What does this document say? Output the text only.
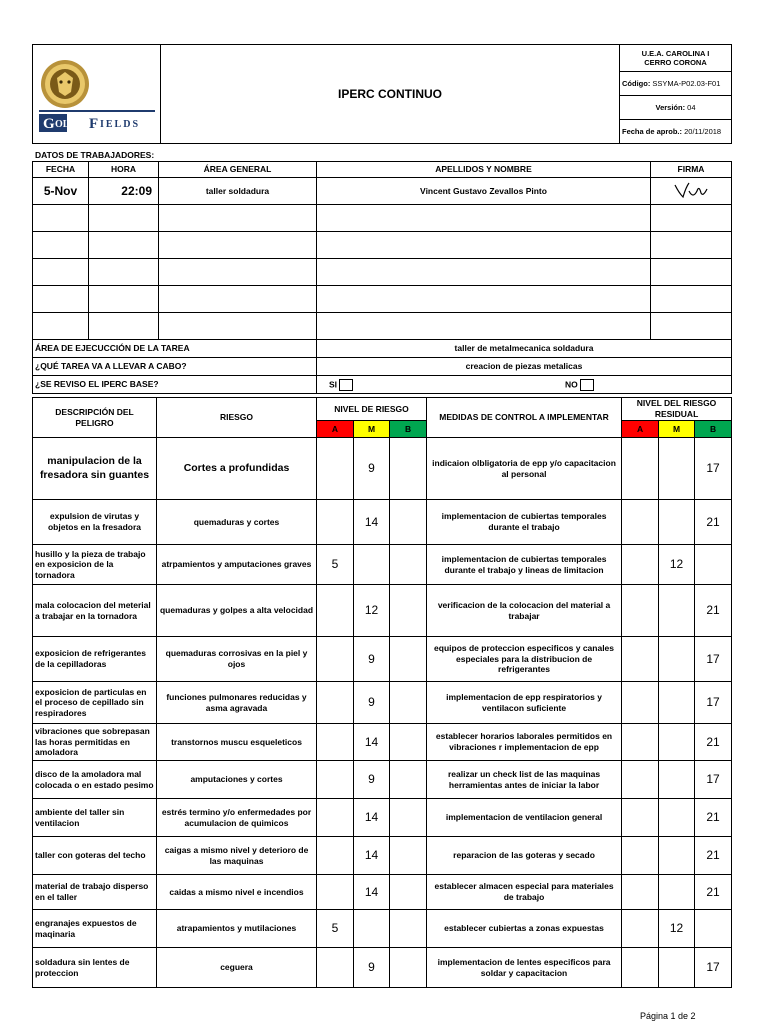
G OLD F IELDS
	IPERC CONTINUO	
U.E.A. CAROLINA I
CERRO CORONA

Código: SSYMA-P02.03-F01
Versión: 04
Fecha de aprob.: 20/11/2018
DATOS DE TRABAJADORES:
FECHA	HORA	ÁREA GENERAL	APELLIDOS Y NOMBRE	FIRMA
5-Nov	22:09	taller soldadura	Vincent Gustavo Zevallos Pinto	

ÁREA DE EJECUCCIÓN DE LA TAREA	taller de metalmecanica soldadura
¿QUÉ TAREA VA A LLEVAR A CABO?	creacion de piezas metalicas
¿SE REVISO EL IPERC BASE?	SI NO
DESCRIPCIÓN DEL PELIGRO	RIESGO	NIVEL DE RIESGO			MEDIDAS DE CONTROL A IMPLEMENTAR	NIVEL DEL RIESGO RESIDUAL		
		A	M	B		A	M	B
manipulacion de la fresadora sin guantes	Cortes a profundidas		9		indicaion olbligatoria de epp y/o capacitacion al personal			17
expulsion de virutas y objetos en la fresadora	quemaduras y cortes		14		implementacion de cubiertas temporales durante el trabajo			21
husillo y la pieza de trabajo en exposicion de la tornadora	atrpamientos y amputaciones graves	5			implementacion de cubiertas temporales durante el trabajo y lineas de limitacion		12	
mala colocacion del meterial a trabajar en la tornadora	quemaduras y golpes a alta velocidad		12		verificacion de la colocacion del material a trabajar			21
exposicion de refrigerantes de la cepilladoras	quemaduras corrosivas en la piel y ojos		9		equipos de proteccion especificos y canales especiales para la distribucion de refrigerantes			17
exposicion de particulas en el proceso de cepillado sin respiradores	funciones pulmonares reducidas y asma agravada		9		implementacion de epp respiratorios y ventilacon suficiente			17
vibraciones que sobrepasan las horas permitidas en amoladora	transtornos muscu esqueleticos		14		establecer horarios laborales permitidos en vibraciones r implementacion de epp			21
disco de la amoladora mal colocada o en estado pesimo	amputaciones y cortes		9		realizar un check list de las maquinas herramientas antes de iniciar la labor			17
ambiente del taller sin ventilacion	estrés termino y/o enfermedades por acumulacion de quimicos		14		implementacion de ventilacion general			21
taller con goteras del techo	caigas a mismo nivel y deterioro de las maquinas		14		reparacion de las goteras y secado			21
material de trabajo disperso en el taller	caidas a mismo nivel e incendios		14		establecer almacen especial para materiales de trabajo			21
engranajes expuestos de maqinaria	atrapamientos y mutilaciones	5			establecer cubiertas a zonas expuestas		12	
soldadura sin lentes de proteccion	ceguera		9		implementacion de lentes especificos para soldar y capacitacion			17
Página 1 de 2
